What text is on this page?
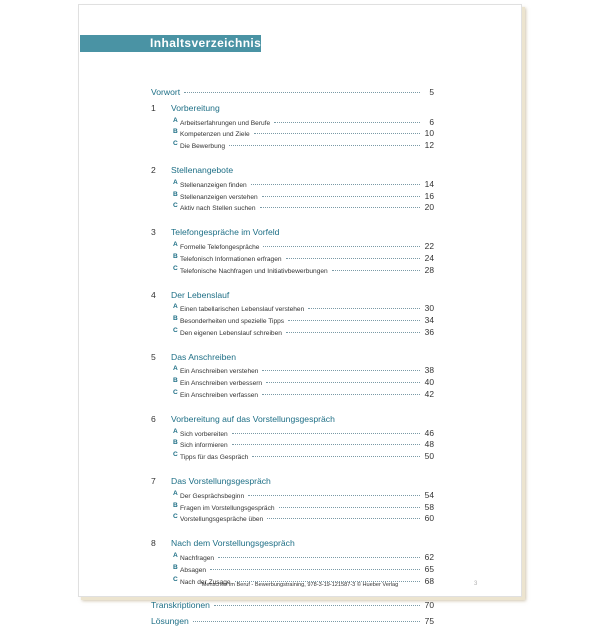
Inhaltsverzeichnis
Vorwort	5
1 Vorbereitung
A Arbeitserfahrungen und Berufe	6
B Kompetenzen und Ziele	10
C Die Bewerbung	12
2 Stellenangebote
A Stellenanzeigen finden	14
B Stellenanzeigen verstehen	16
C Aktiv nach Stellen suchen	20
3 Telefongespräche im Vorfeld
A Formelle Telefongespräche	22
B Telefonisch Informationen erfragen	24
C Telefonische Nachfragen und Initiativbewerbungen	28
4 Der Lebenslauf
A Einen tabellarischen Lebenslauf verstehen	30
B Besonderheiten und spezielle Tipps	34
C Den eigenen Lebenslauf schreiben	36
5 Das Anschreiben
A Ein Anschreiben verstehen	38
B Ein Anschreiben verbessern	40
C Ein Anschreiben verfassen	42
6 Vorbereitung auf das Vorstellungsgespräch
A Sich vorbereiten	46
B Sich informieren	48
C Tipps für das Gespräch	50
7 Das Vorstellungsgespräch
A Der Gesprächsbeginn	54
B Fragen im Vorstellungsgespräch	58
C Vorstellungsgespräche üben	60
8 Nach dem Vorstellungsgespräch
A Nachfragen	62
B Absagen	65
C Nach der Zusage	68
Transkriptionen	70
Lösungen	75
Menschen im Beruf - Bewerbungstraining, 978-3-19-121587-3 © Hueber Verlag	3
